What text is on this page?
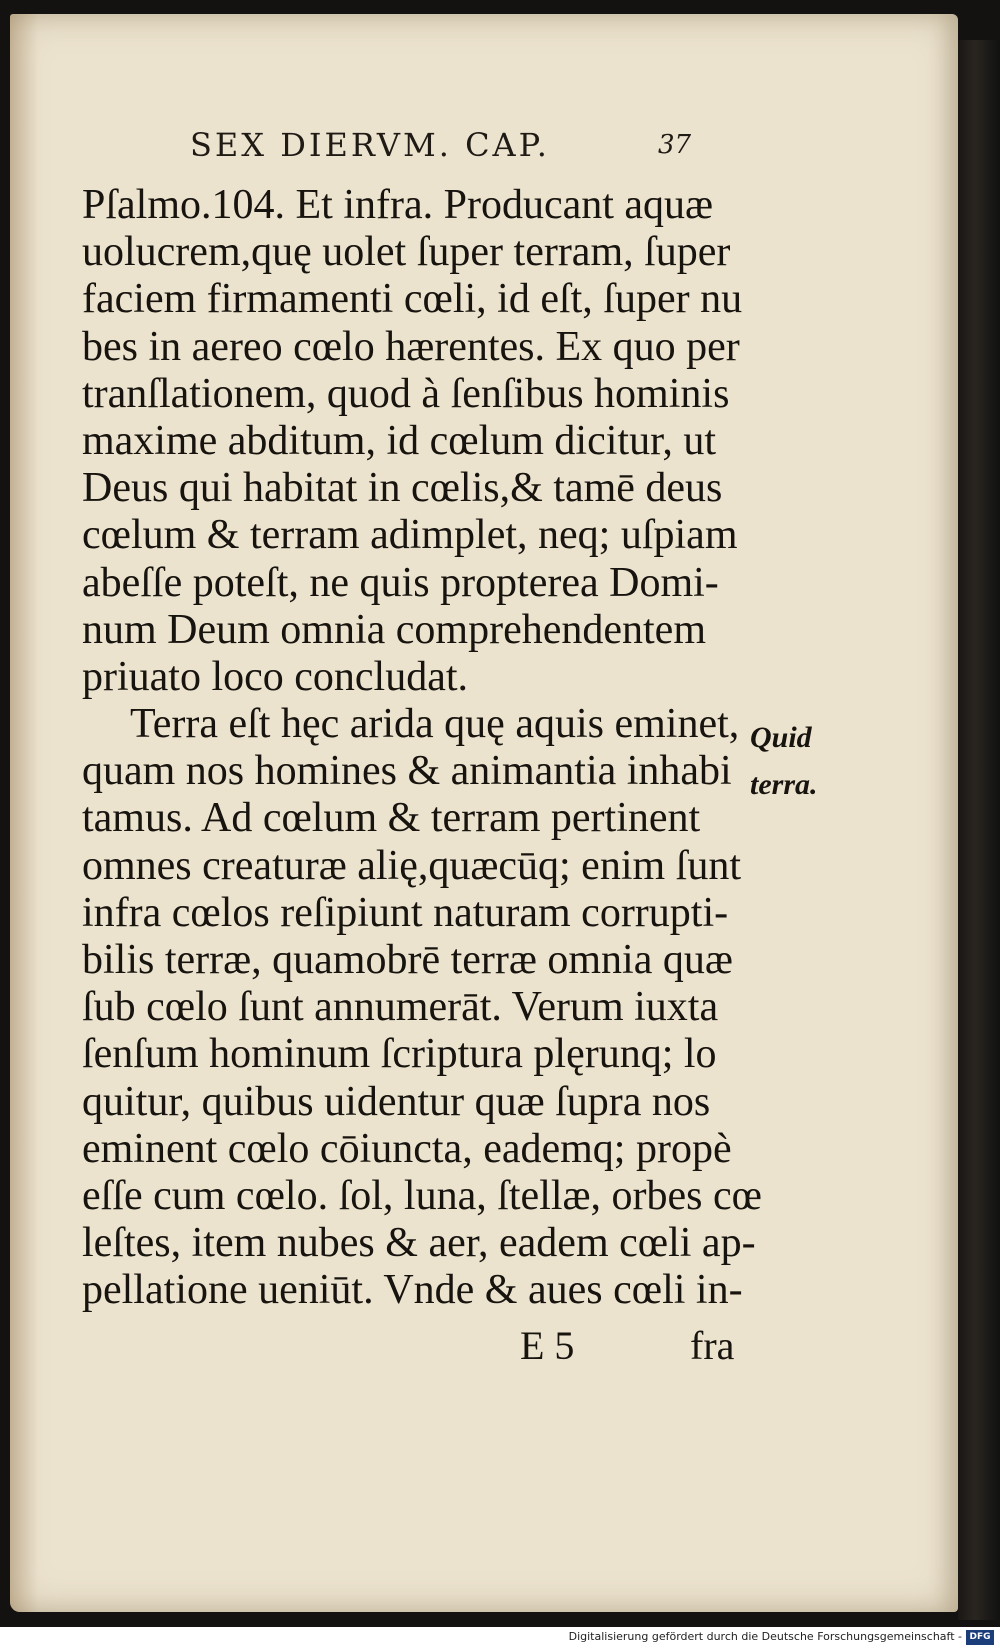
SEX DIERVM. CAP.	37
Pſalmo.104. Et infra. Producant aquæ
uolucrem,quę uolet ſuper terram, ſuper
faciem firmamenti cœli, id eſt, ſuper nu
bes in aereo cœlo hærentes. Ex quo per
tranſlationem, quod à ſenſibus hominis
maxime abditum, id cœlum dicitur, ut
Deus qui habitat in cœlis,& tamē deus
cœlum & terram adimplet, neq; uſpiam
abeſſe poteſt, ne quis propterea Domi-
num Deum omnia comprehendentem
priuato loco concludat.
Terra eſt hęc arida quę aquis eminet,
quam nos homines & animantia inhabi
tamus. Ad cœlum & terram pertinent
omnes creaturæ alię,quæcūq; enim ſunt
infra cœlos reſipiunt naturam corrupti-
bilis terræ, quamobrē terræ omnia quæ
ſub cœlo ſunt annumerāt. Verum iuxta
ſenſum hominum ſcriptura plęrunq; lo
quitur, quibus uidentur quæ ſupra nos
eminent cœlo cōiuncta, eademq; propè
eſſe cum cœlo. ſol, luna, ſtellæ, orbes cœ
leſtes, item nubes & aer, eadem cœli ap-
pellatione ueniūt. Vnde & aues cœli in-
Quid
terra.
E 5	fra
Digitalisierung gefördert durch die Deutsche Forschungsgemeinschaft - DFG
